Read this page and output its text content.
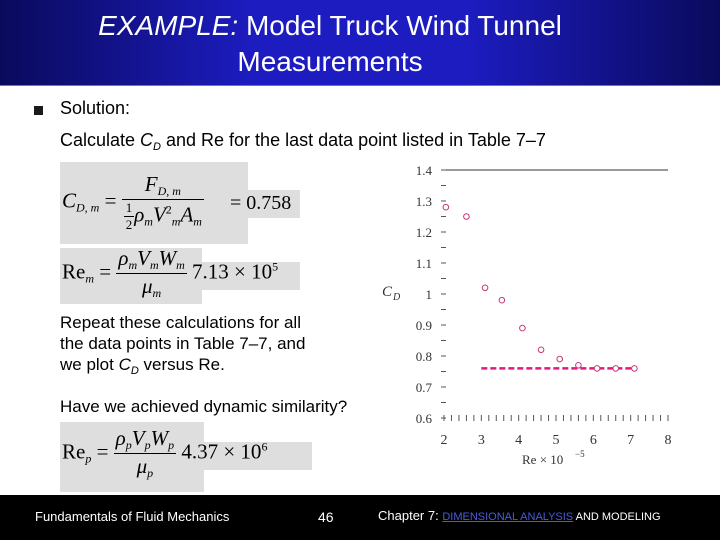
EXAMPLE: Model Truck Wind Tunnel
Measurements
Solution:
Calculate $C_D$ and Re for the last data point listed in Table 7–7
CD, $m = \frac{FD, m}{\frac{1}{2} \rho mV^2mAm} = 0.758$
Rem = $\frac{\text{ρmVmWm}}{\mu m} 7.13 \times 10^5$
Repeat these calculations for all
the data points in Table 7–7, and
we plot $C_D$ versus Re.
Have we achieved dynamic similarity?
Rep = $\frac{\text{ρpVpWp}}{\mu p} 4.37 \times 10^6$
0.6
0.7
0.8
0.9
1
1.1
1.2
1.3
1.4
2 3 4 5 6 7 8
C D
Re × 10 −5
Fundamentals of Fluid Mechanics	46	Chapter 7: DIMENSIONAL ANALYSIS AND MODELING
